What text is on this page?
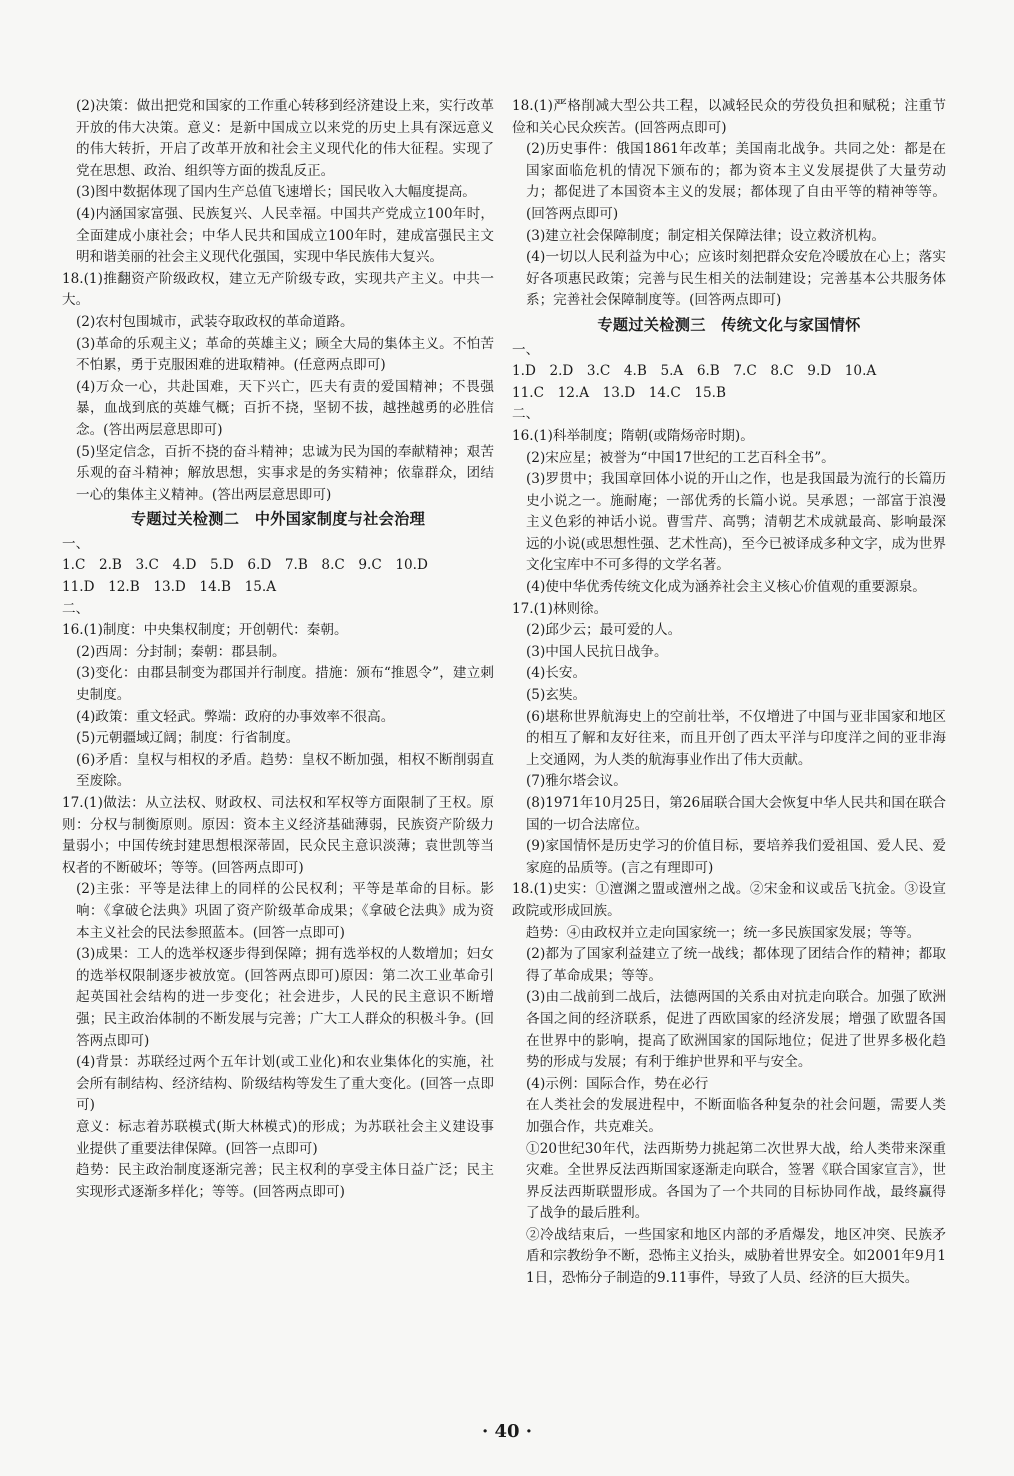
(2)决策：做出把党和国家的工作重心转移到经济建设上来，实行改革开放的伟大决策。意义：是新中国成立以来党的历史上具有深远意义的伟大转折，开启了改革开放和社会主义现代化的伟大征程。实现了党在思想、政治、组织等方面的拨乱反正。

(3)图中数据体现了国内生产总值飞速增长；国民收入大幅度提高。

(4)内涵国家富强、民族复兴、人民幸福。中国共产党成立100年时，全面建成小康社会；中华人民共和国成立100年时，建成富强民主文明和谐美丽的社会主义现代化强国，实现中华民族伟大复兴。

18.(1)推翻资产阶级政权，建立无产阶级专政，实现共产主义。中共一大。

(2)农村包围城市，武装夺取政权的革命道路。

(3)革命的乐观主义；革命的英雄主义；顾全大局的集体主义。不怕苦不怕累，勇于克服困难的进取精神。(任意两点即可)

(4)万众一心，共赴国难，天下兴亡，匹夫有责的爱国精神；不畏强暴，血战到底的英雄气概；百折不挠，坚韧不拔，越挫越勇的必胜信念。(答出两层意思即可)

(5)坚定信念，百折不挠的奋斗精神；忠诚为民为国的奉献精神；艰苦乐观的奋斗精神；解放思想，实事求是的务实精神；依靠群众，团结一心的集体主义精神。(答出两层意思即可)

专题过关检测二　中外国家制度与社会治理

一、

1.C　2.B　3.C　4.D　5.D　6.D　7.B　8.C　9.C　10.D

11.D　12.B　13.D　14.B　15.A

二、

16.(1)制度：中央集权制度；开创朝代：秦朝。

(2)西周：分封制；秦朝：郡县制。

(3)变化：由郡县制变为郡国并行制度。措施：颁布“推恩令”，建立刺史制度。

(4)政策：重文轻武。弊端：政府的办事效率不很高。

(5)元朝疆域辽阔；制度：行省制度。

(6)矛盾：皇权与相权的矛盾。趋势：皇权不断加强，相权不断削弱直至废除。

17.(1)做法：从立法权、财政权、司法权和军权等方面限制了王权。原则：分权与制衡原则。原因：资本主义经济基础薄弱，民族资产阶级力量弱小；中国传统封建思想根深蒂固，民众民主意识淡薄；袁世凯等当权者的不断破坏；等等。(回答两点即可)

(2)主张：平等是法律上的同样的公民权利；平等是革命的目标。影响：《拿破仑法典》巩固了资产阶级革命成果；《拿破仑法典》成为资本主义社会的民法参照蓝本。(回答一点即可)

(3)成果：工人的选举权逐步得到保障；拥有选举权的人数增加；妇女的选举权限制逐步被放宽。(回答两点即可)原因：第二次工业革命引起英国社会结构的进一步变化；社会进步，人民的民主意识不断增强；民主政治体制的不断发展与完善；广大工人群众的积极斗争。(回答两点即可)

(4)背景：苏联经过两个五年计划(或工业化)和农业集体化的实施，社会所有制结构、经济结构、阶级结构等发生了重大变化。(回答一点即可)

意义：标志着苏联模式(斯大林模式)的形成；为苏联社会主义建设事业提供了重要法律保障。(回答一点即可)

趋势：民主政治制度逐渐完善；民主权利的享受主体日益广泛；民主实现形式逐渐多样化；等等。(回答两点即可)

18.(1)严格削减大型公共工程，以减轻民众的劳役负担和赋税；注重节俭和关心民众疾苦。(回答两点即可)

(2)历史事件：俄国1861年改革；美国南北战争。共同之处：都是在国家面临危机的情况下颁布的；都为资本主义发展提供了大量劳动力；都促进了本国资本主义的发展；都体现了自由平等的精神等等。(回答两点即可)

(3)建立社会保障制度；制定相关保障法律；设立救济机构。

(4)一切以人民利益为中心；应该时刻把群众安危冷暖放在心上；落实好各项惠民政策；完善与民生相关的法制建设；完善基本公共服务体系；完善社会保障制度等。(回答两点即可)

专题过关检测三　传统文化与家国情怀

一、

1.D　2.D　3.C　4.B　5.A　6.B　7.C　8.C　9.D　10.A

11.C　12.A　13.D　14.C　15.B

二、

16.(1)科举制度；隋朝(或隋炀帝时期)。

(2)宋应星；被誉为“中国17世纪的工艺百科全书”。

(3)罗贯中；我国章回体小说的开山之作，也是我国最为流行的长篇历史小说之一。施耐庵；一部优秀的长篇小说。吴承恩；一部富于浪漫主义色彩的神话小说。曹雪芹、高鹗；清朝艺术成就最高、影响最深远的小说(或思想性强、艺术性高)，至今已被译成多种文字，成为世界文化宝库中不可多得的文学名著。

(4)使中华优秀传统文化成为涵养社会主义核心价值观的重要源泉。

17.(1)林则徐。

(2)邱少云；最可爱的人。

(3)中国人民抗日战争。

(4)长安。

(5)玄奘。

(6)堪称世界航海史上的空前壮举，不仅增进了中国与亚非国家和地区的相互了解和友好往来，而且开创了西太平洋与印度洋之间的亚非海上交通网，为人类的航海事业作出了伟大贡献。

(7)雅尔塔会议。

(8)1971年10月25日，第26届联合国大会恢复中华人民共和国在联合国的一切合法席位。

(9)家国情怀是历史学习的价值目标，要培养我们爱祖国、爱人民、爱家庭的品质等。(言之有理即可)

18.(1)史实：①澶渊之盟或澶州之战。②宋金和议或岳飞抗金。③设宣政院或形成回族。

趋势：④由政权并立走向国家统一；统一多民族国家发展；等等。

(2)都为了国家利益建立了统一战线；都体现了团结合作的精神；都取得了革命成果；等等。

(3)由二战前到二战后，法德两国的关系由对抗走向联合。加强了欧洲各国之间的经济联系，促进了西欧国家的经济发展；增强了欧盟各国在世界中的影响，提高了欧洲国家的国际地位；促进了世界多极化趋势的形成与发展；有利于维护世界和平与安全。

(4)示例：国际合作，势在必行

在人类社会的发展进程中，不断面临各种复杂的社会问题，需要人类加强合作，共克难关。

①20世纪30年代，法西斯势力挑起第二次世界大战，给人类带来深重灾难。全世界反法西斯国家逐渐走向联合，签署《联合国家宣言》，世界反法西斯联盟形成。各国为了一个共同的目标协同作战，最终赢得了战争的最后胜利。

②冷战结束后，一些国家和地区内部的矛盾爆发，地区冲突、民族矛盾和宗教纷争不断，恐怖主义抬头，威胁着世界安全。如2001年9月11日，恐怖分子制造的9.11事件，导致了人员、经济的巨大损失。

· 40 ·
